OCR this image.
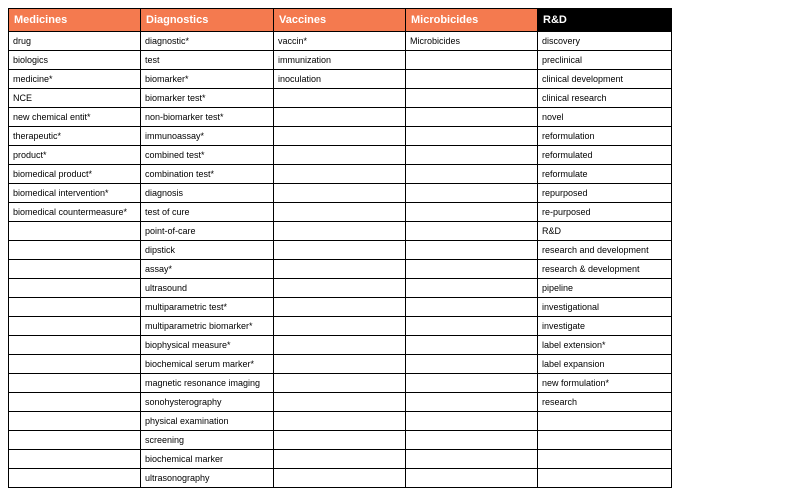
Medicines	Diagnostics	Vaccines	Microbicides	R&D
drug	diagnostic*	vaccin*	Microbicides	discovery
biologics	test	immunization		preclinical
medicine*	biomarker*	inoculation		clinical development
NCE	biomarker test*			clinical research
new chemical entit*	non-biomarker test*			novel
therapeutic*	immunoassay*			reformulation
product*	combined test*			reformulated
biomedical product*	combination test*			reformulate
biomedical intervention*	diagnosis			repurposed
biomedical countermeasure*	test of cure			re-purposed
	point-of-care			R&D
	dipstick			research and development
	assay*			research & development
	ultrasound			pipeline
	multiparametric test*			investigational
	multiparametric biomarker*			investigate
	biophysical measure*			label extension*
	biochemical serum marker*			label expansion
	magnetic resonance imaging			new formulation*
	sonohysterography			research
	physical examination			
	screening			
	biochemical marker			
	ultrasonography			
